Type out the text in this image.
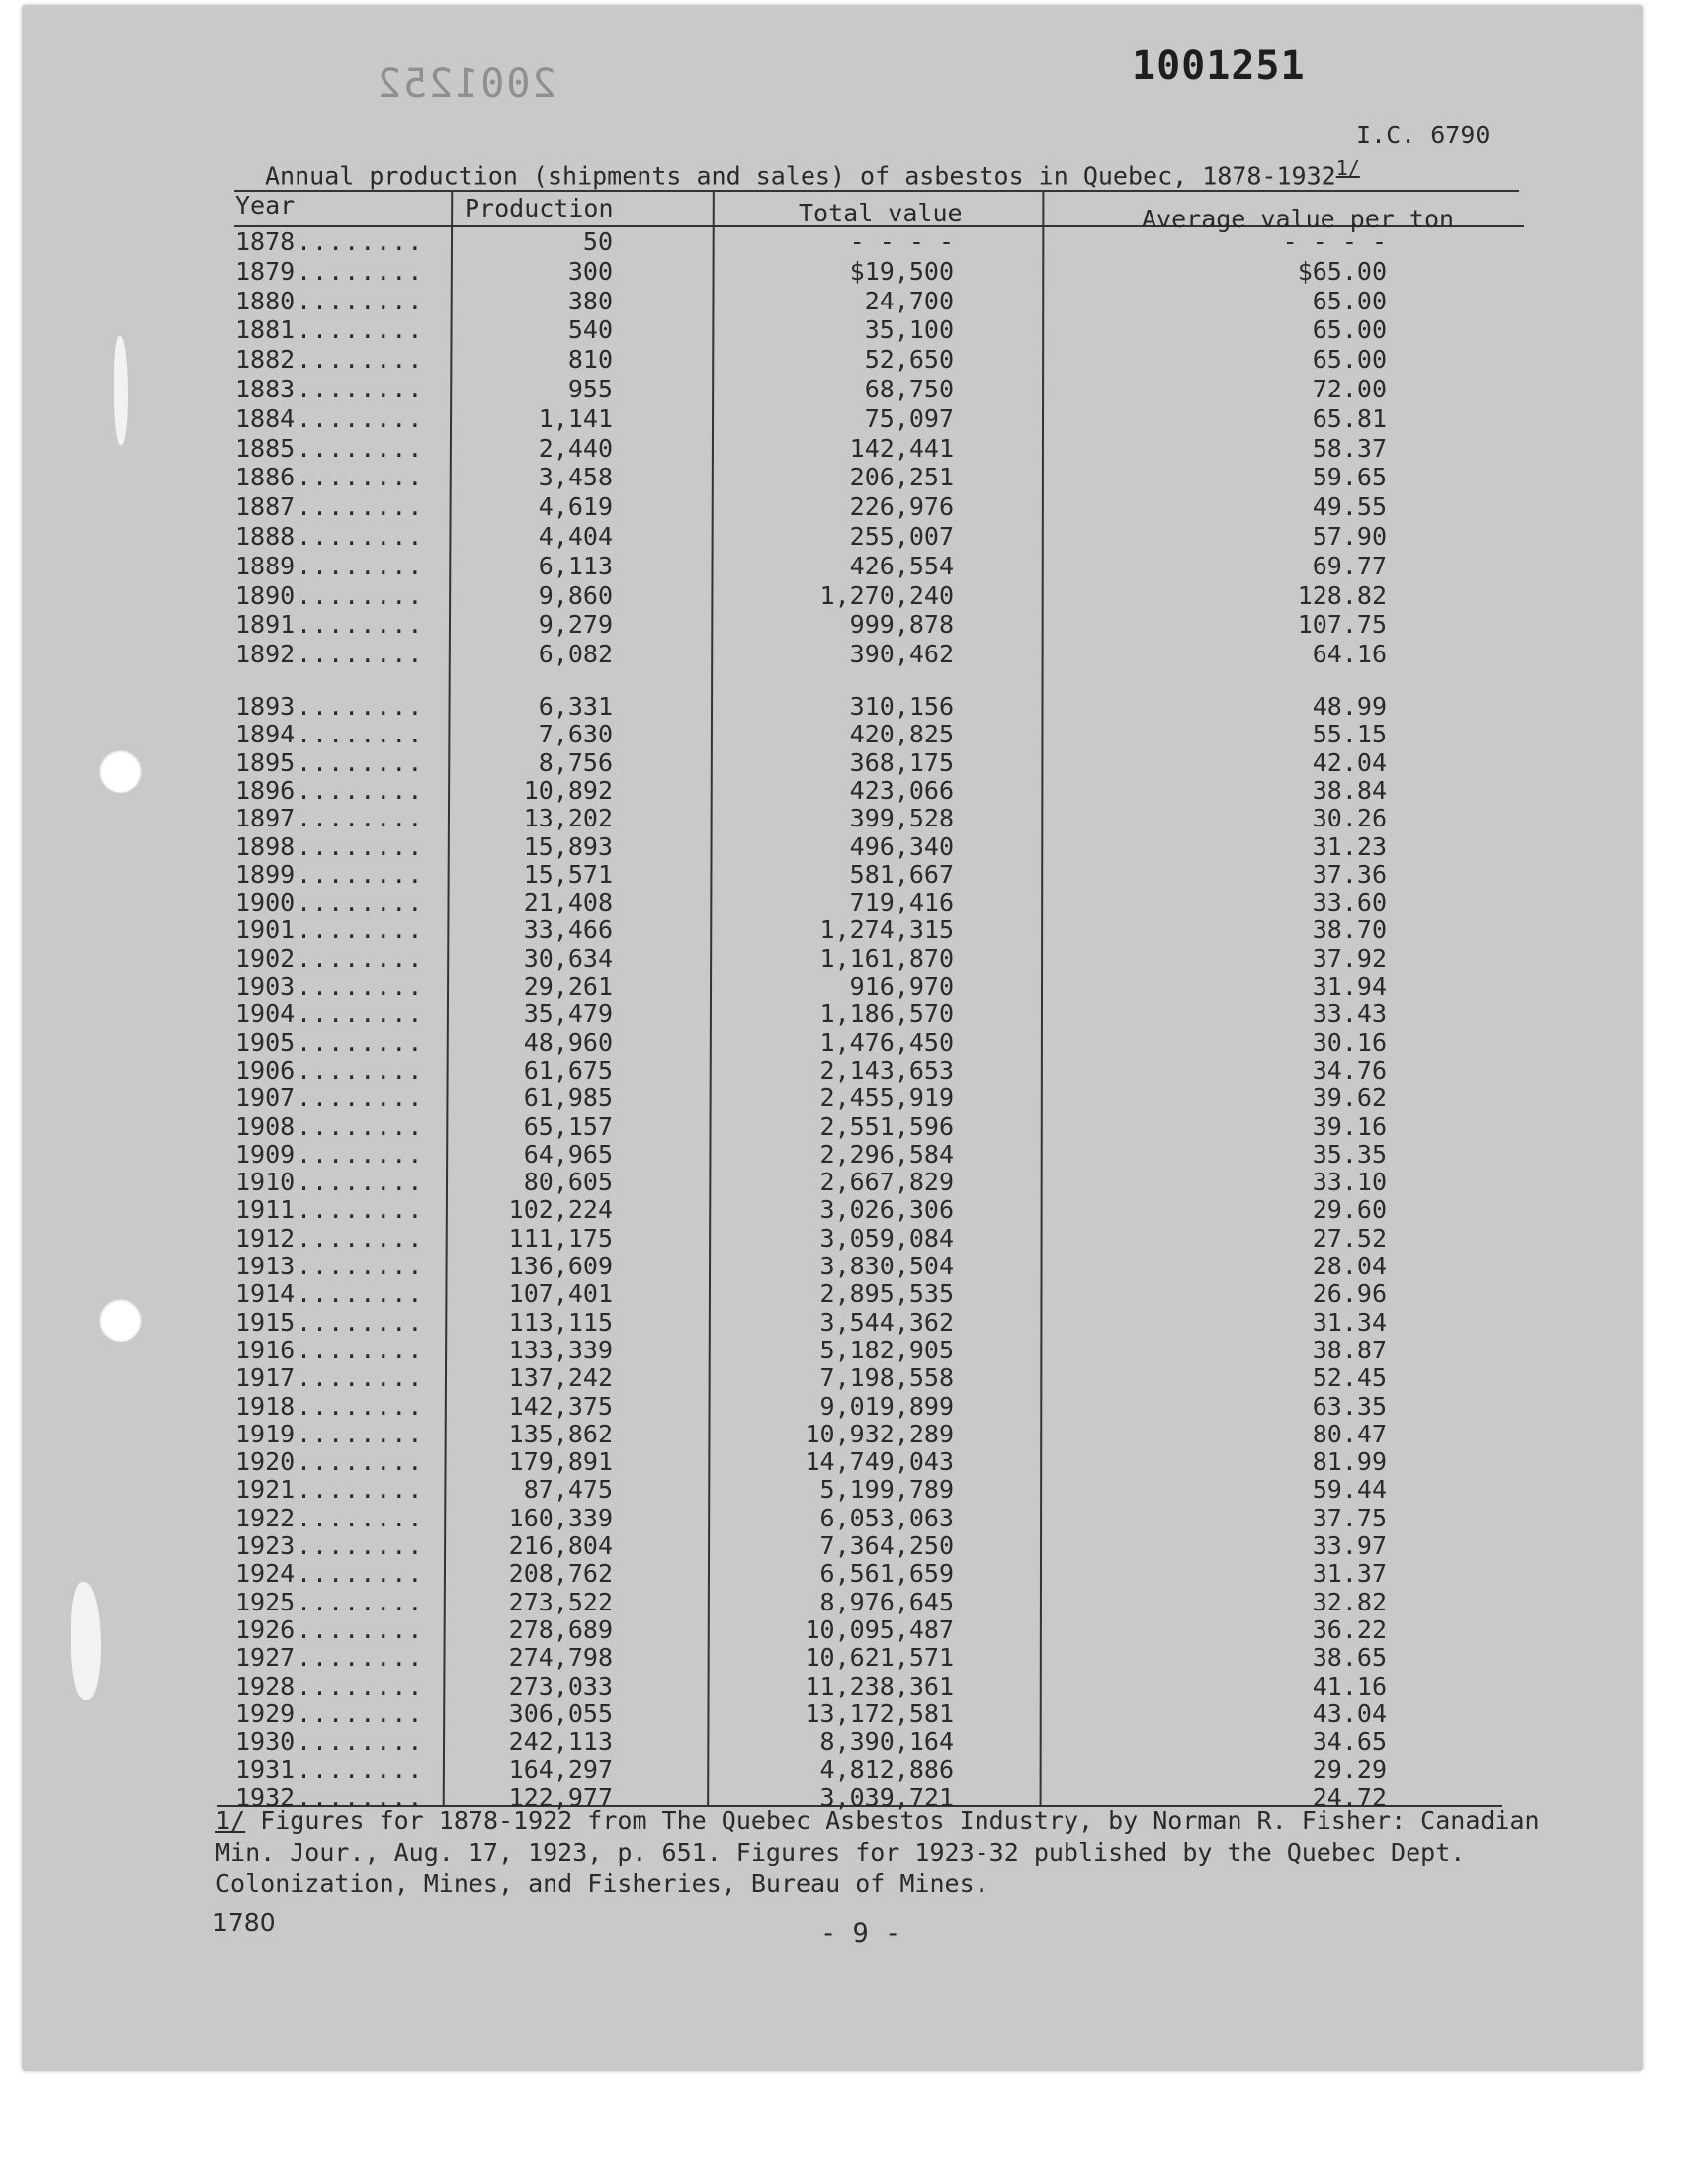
2001252	1001251
I.C. 6790
Annual production (shipments and sales) of asbestos in Quebec, $1878-1932^{1/}$
Year	Production	Total value	Average value per ton
1878 ........	50	- - - -	- - - -
1879 ........	300	$19,500	$65.00
1880 ........	380	24,700	65.00
1881 ........	540	35,100	65.00
1882 ........	810	52,650	65.00
1883 ........	955	68,750	72.00
1884 ........	1,141	75,097	65.81
1885 ........	2,440	142,441	58.37
1886 ........	3,458	206,251	59.65
1887 ........	4,619	226,976	49.55
1888 ........	4,404	255,007	57.90
1889 ........	6,113	426,554	69.77
1890 ........	9,860	1,270,240	128.82
1891 ........	9,279	999,878	107.75
1892 ........	6,082	390,462	64.16
1893 ........	6,331	310,156	48.99
1894 ........	7,630	420,825	55.15
1895 ........	8,756	368,175	42.04
1896 ........	10,892	423,066	38.84
1897 ........	13,202	399,528	30.26
1898 ........	15,893	496,340	31.23
1899 ........	15,571	581,667	37.36
1900 ........	21,408	719,416	33.60
1901 ........	33,466	1,274,315	38.70
1902 ........	30,634	1,161,870	37.92
1903 ........	29,261	916,970	31.94
1904 ........	35,479	1,186,570	33.43
1905 ........	48,960	1,476,450	30.16
1906 ........	61,675	2,143,653	34.76
1907 ........	61,985	2,455,919	39.62
1908 ........	65,157	2,551,596	39.16
1909 ........	64,965	2,296,584	35.35
1910 ........	80,605	2,667,829	33.10
1911 ........	102,224	3,026,306	29.60
1912 ........	111,175	3,059,084	27.52
1913 ........	136,609	3,830,504	28.04
1914 ........	107,401	2,895,535	26.96
1915 ........	113,115	3,544,362	31.34
1916 ........	133,339	5,182,905	38.87
1917 ........	137,242	7,198,558	52.45
1918 ........	142,375	9,019,899	63.35
1919 ........	135,862	10,932,289	80.47
1920 ........	179,891	14,749,043	81.99
1921 ........	87,475	5,199,789	59.44
1922 ........	160,339	6,053,063	37.75
1923 ........	216,804	7,364,250	33.97
1924 ........	208,762	6,561,659	31.37
1925 ........	273,522	8,976,645	32.82
1926 ........	278,689	10,095,487	36.22
1927 ........	274,798	10,621,571	38.65
1928 ........	273,033	11,238,361	41.16
1929 ........	306,055	13,172,581	43.04
1930 ........	242,113	8,390,164	34.65
1931 ........	164,297	4,812,886	29.29
1932 ........	122,977	3,039,721	24.72
1/ Figures for 1878-1922 from The Quebec Asbestos Industry, by Norman R. Fisher: Canadian Min. Jour., Aug. 17, 1923, p. 651. Figures for 1923-32 published by the Quebec Dept. Colonization, Mines, and Fisheries, Bureau of Mines.
1780	- 9 -
